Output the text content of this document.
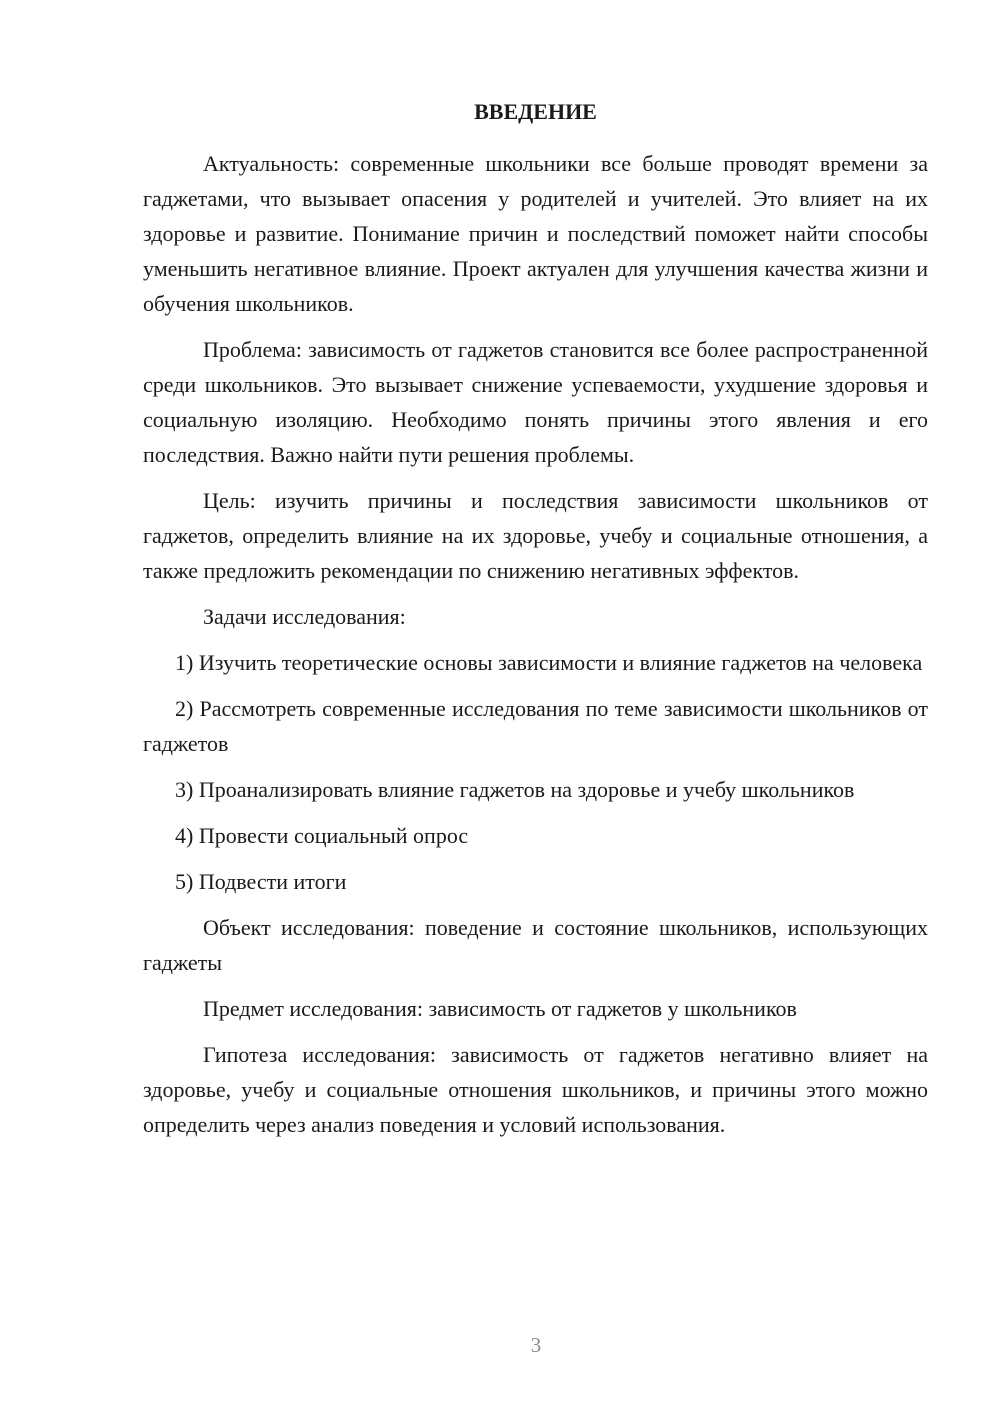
ВВЕДЕНИЕ
Актуальность: современные школьники все больше проводят времени за гаджетами, что вызывает опасения у родителей и учителей. Это влияет на их здоровье и развитие. Понимание причин и последствий поможет найти способы уменьшить негативное влияние. Проект актуален для улучшения качества жизни и обучения школьников.
Проблема: зависимость от гаджетов становится все более распространенной среди школьников. Это вызывает снижение успеваемости, ухудшение здоровья и социальную изоляцию. Необходимо понять причины этого явления и его последствия. Важно найти пути решения проблемы.
Цель: изучить причины и последствия зависимости школьников от гаджетов, определить влияние на их здоровье, учебу и социальные отношения, а также предложить рекомендации по снижению негативных эффектов.
Задачи исследования:
1) Изучить теоретические основы зависимости и влияние гаджетов на человека
2) Рассмотреть современные исследования по теме зависимости школьников от гаджетов
3) Проанализировать влияние гаджетов на здоровье и учебу школьников
4) Провести социальный опрос
5) Подвести итоги
Объект исследования: поведение и состояние школьников, использующих гаджеты
Предмет исследования: зависимость от гаджетов у школьников
Гипотеза исследования: зависимость от гаджетов негативно влияет на здоровье, учебу и социальные отношения школьников, и причины этого можно определить через анализ поведения и условий использования.
3
